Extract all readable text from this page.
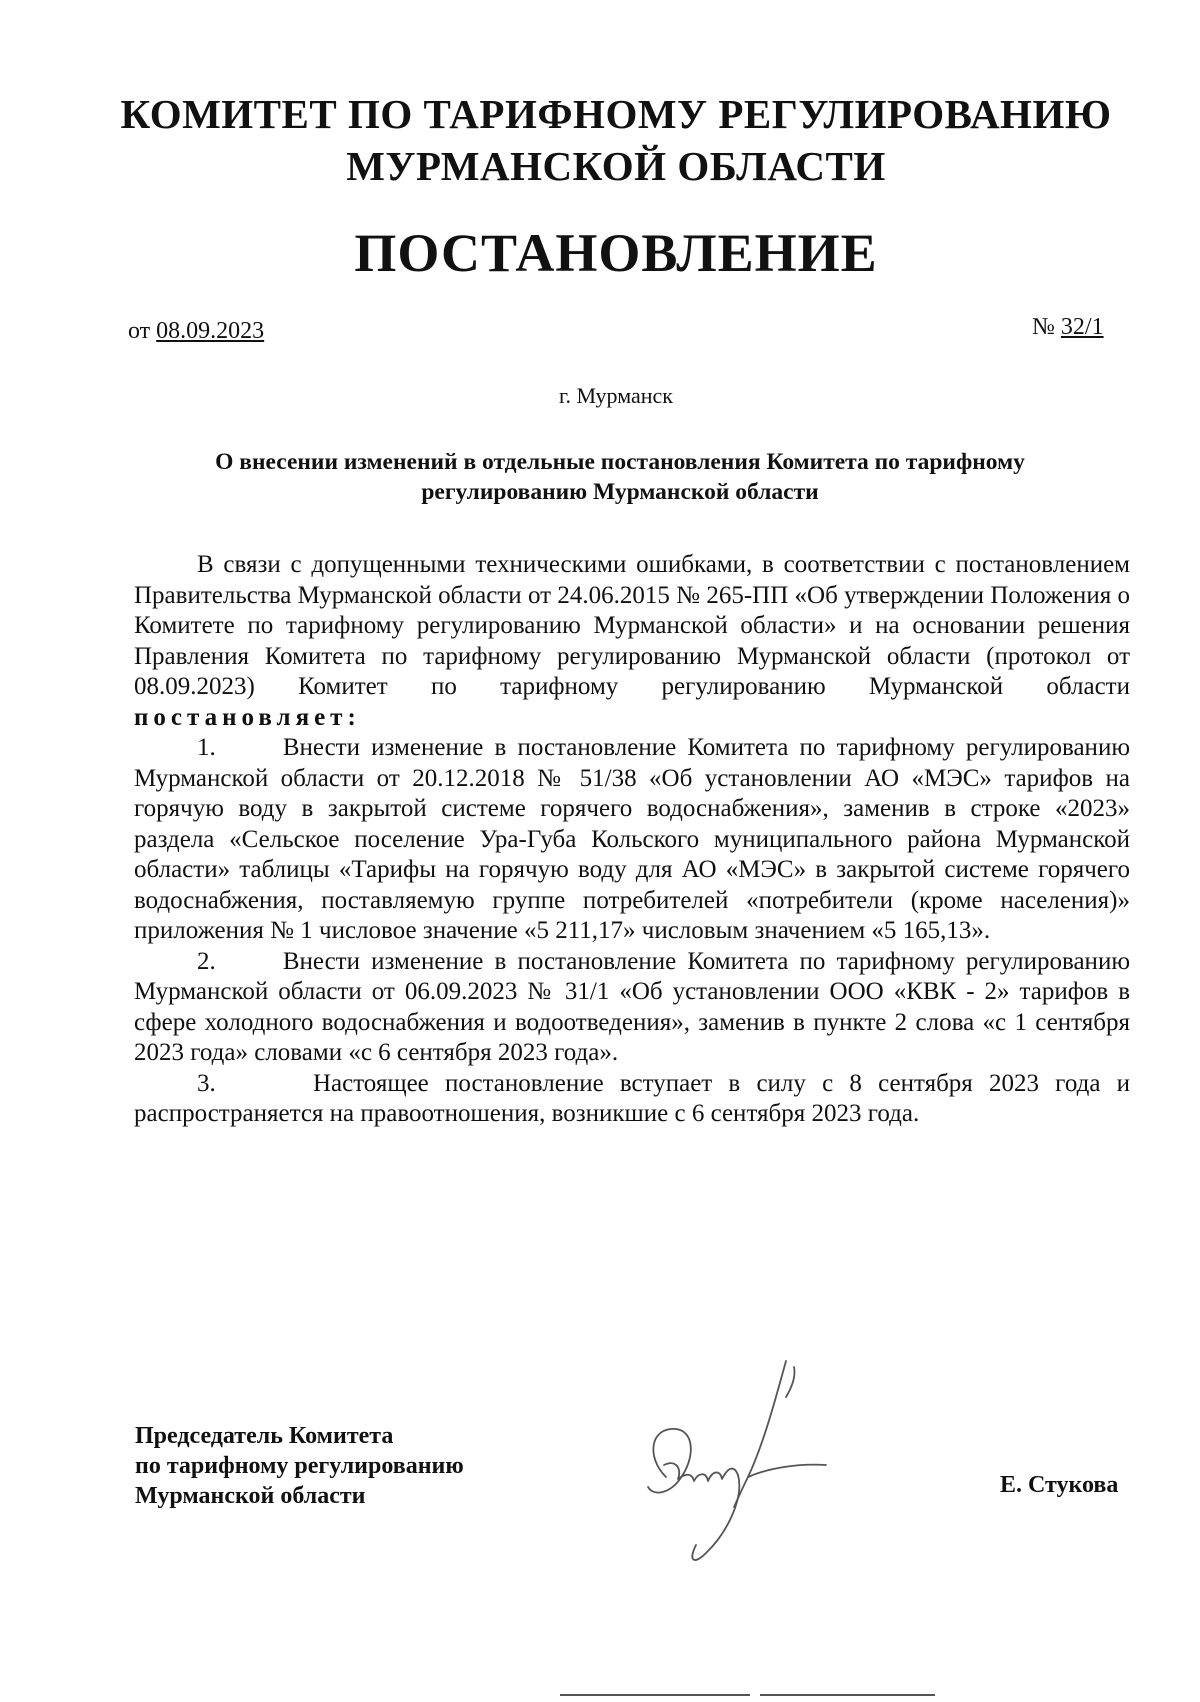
КОМИТЕТ ПО ТАРИФНОМУ РЕГУЛИРОВАНИЮ
МУРМАНСКОЙ ОБЛАСТИ
ПОСТАНОВЛЕНИЕ
от 08.09.2023	№ 32/1
г. Мурманск
О внесении изменений в отдельные постановления Комитета по тарифному регулированию Мурманской области

В связи с допущенными техническими ошибками, в соответствии с постановлением Правительства Мурманской области от 24.06.2015 № 265-ПП «Об утверждении Положения о Комитете по тарифному регулированию Мурманской области» и на основании решения Правления Комитета по тарифному регулированию Мурманской области (протокол от 08.09.2023) Комитет по тарифному регулированию Мурманской области постановляет:

1.	Внести изменение в постановление Комитета по тарифному регулированию Мурманской области от 20.12.2018 № 51/38 «Об установлении АО «МЭС» тарифов на горячую воду в закрытой системе горячего водоснабжения», заменив в строке «2023» раздела «Сельское поселение Ура-Губа Кольского муниципального района Мурманской области» таблицы «Тарифы на горячую воду для АО «МЭС» в закрытой системе горячего водоснабжения, поставляемую группе потребителей «потребители (кроме населения)» приложения № 1 числовое значение «5 211,17» числовым значением «5 165,13».

2.	Внести изменение в постановление Комитета по тарифному регулированию Мурманской области от 06.09.2023 № 31/1 «Об установлении ООО «КВК - 2» тарифов в сфере холодного водоснабжения и водоотведения», заменив в пункте 2 слова «с 1 сентября 2023 года» словами «с 6 сентября 2023 года».

3.	Настоящее постановление вступает в силу с 8 сентября 2023 года и распространяется на правоотношения, возникшие с 6 сентября 2023 года.

Председатель Комитета
по тарифному регулированию
Мурманской области	Е. Стукова
